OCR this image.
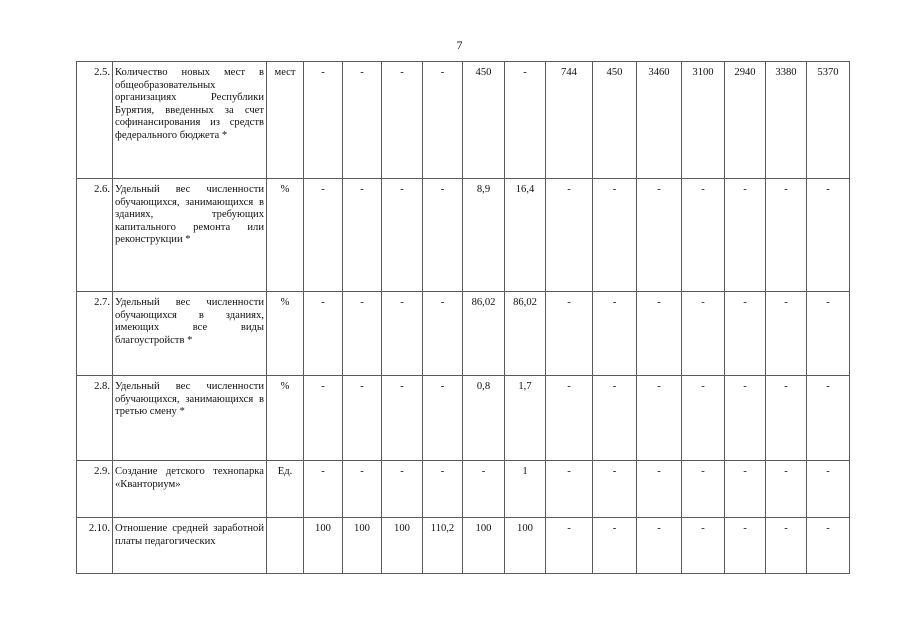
7
2.5.	Количество новых мест в общеобразовательных организациях Республики Бурятия, введенных за счет софинансирования из средств федерального бюджета *	мест	-	-	-	-	450	-	744	450	3460	3100	2940	3380	5370
2.6.	Удельный вес численности обучающихся, занимающихся в зданиях, требующих капитального ремонта или реконструкции *	%	-	-	-	-	8,9	16,4	-	-	-	-	-	-	-
2.7.	Удельный вес численности обучающихся в зданиях, имеющих все виды благоустройств *	%	-	-	-	-	86,02	86,02	-	-	-	-	-	-	-
2.8.	Удельный вес численности обучающихся, занимающихся в третью смену *	%	-	-	-	-	0,8	1,7	-	-	-	-	-	-	-
2.9.	Создание детского технопарка «Кванториум»	Ед.	-	-	-	-	-	1	-	-	-	-	-	-	-
2.10.	Отношение средней заработной платы педагогических		100	100	100	110,2	100	100	-	-	-	-	-	-	-
